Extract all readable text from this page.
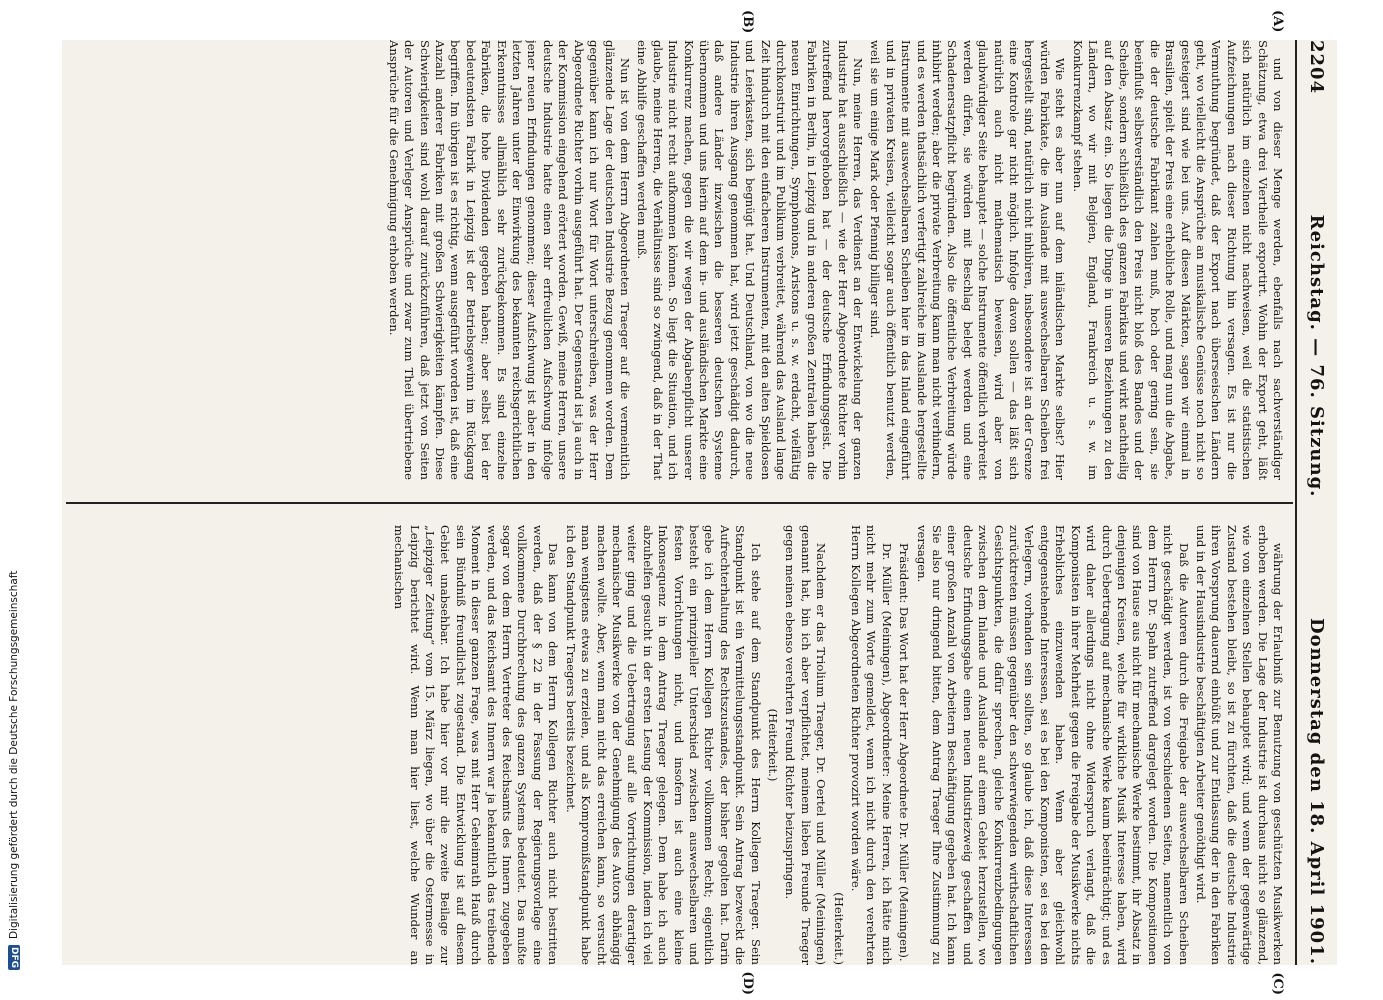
2204
Reichstag. — 76. Sitzung.
Donnerstag den 18. April 1901.
(A)
(B)
(C)
(D)

und von dieser Menge werden, ebenfalls nach sachverständiger Schätzung, etwa drei Viertheile exportirt. Wohin der Export geht, läßt sich natürlich im einzelnen nicht nachweisen, weil die statistischen Aufzeichnungen nach dieser Richtung hin versagen. Es ist nur die Vermuthung begründet, daß der Export nach überseeischen Ländern geht, wo vielleicht die Ansprüche an musikalische Genüsse noch nicht so gesteigert sind wie bei uns. Auf diesen Märkten, sagen wir einmal in Brasilien, spielt der Preis eine erhebliche Rolle, und mag nun die Abgabe, die der deutsche Fabrikant zahlen muß, hoch oder gering sein, sie beeinflußt selbstverständlich den Preis nicht bloß des Bandes und der Scheibe, sondern schließlich des ganzen Fabrikats und wirkt nachtheilig auf den Absatz ein. So liegen die Dinge in unseren Beziehungen zu den Ländern, wo wir mit Belgien, England, Frankreich u. s. w. im Konkurrenzkampf stehen.

Wie steht es aber nun auf dem inländischen Markte selbst? Hier würden Fabrikate, die im Auslande mit auswechselbaren Scheiben frei hergestellt sind, natürlich nicht inhibiren, insbesondere ist an der Grenze eine Kontrole gar nicht möglich. Infolge davon sollen — das läßt sich natürlich auch nicht mathematisch beweisen, wird aber von glaubwürdiger Seite behauptet — solche Instrumente öffentlich verbreitet werden dürfen, sie würden mit Beschlag belegt werden und eine Schadenersatzpflicht begründen. Also die öffentliche Verbreitung würde inhibirt werden; aber die private Verbreitung kann man nicht verhindern, und es werden thatsächlich verfertigt zahlreiche im Auslande hergestellte Instrumente mit auswechselbaren Scheiben hier in das Inland eingeführt und in privaten Kreisen, vielleicht sogar auch öffentlich benutzt werden, weil sie um einige Mark oder Pfennig billiger sind.

Nun, meine Herren, das Verdienst an der Entwickelung der ganzen Industrie hat ausschließlich — wie der Herr Abgeordnete Richter vorhin zutreffend hervorgehoben hat — der deutsche Erfindungsgeist. Die Fabriken in Berlin, in Leipzig und in anderen großen Zentralen haben die neuen Einrichtungen, Symphonions, Aristons u. s. w. erdacht, vielfältig durchkonstruirt und im Publikum verbreitet, während das Ausland lange Zeit hindurch mit den einfacheren Instrumenten, mit den alten Spieldosen und Leierkasten, sich begnügt hat. Und Deutschland, von wo die neue Industrie ihren Ausgang genommen hat, wird jetzt geschädigt dadurch, daß andere Länder inzwischen die besseren deutschen Systeme übernommen und uns hierin auf dem in- und ausländischen Markte eine Konkurrenz machen, gegen die wir wegen der Abgabenpflicht unserer Industrie nicht recht aufkommen können. So liegt die Situation, und ich glaube, meine Herren, die Verhältnisse sind so zwingend, daß in der That eine Abhilfe geschaffen werden muß.

Nun ist von dem Herrn Abgeordneten Traeger auf die vermeintlich glänzende Lage der deutschen Industrie Bezug genommen worden. Dem gegenüber kann ich nur Wort für Wort unterschreiben, was der Herr Abgeordnete Richter vorhin ausgeführt hat. Der Gegenstand ist ja auch in der Kommission eingehend erörtert worden. Gewiß, meine Herren, unsere deutsche Industrie hatte einen sehr erfreulichen Aufschwung infolge jener neuen Erfindungen genommen; dieser Aufschwung ist aber in den letzten Jahren unter der Einwirkung des bekannten reichsgerichtlichen Erkenntnisses allmählich sehr zurückgekommen. Es sind einzelne Fabriken, die hohe Dividenden gegeben haben; aber selbst bei der bedeutendsten Fabrik in Leipzig ist der Betriebsgewinn im Rückgang begriffen. Im übrigen ist es richtig, wenn ausgeführt worden ist, daß eine Anzahl anderer Fabriken mit großen Schwierigkeiten kämpfen. Diese Schwierigkeiten sind wohl darauf zurückzuführen, daß jetzt von Seiten der Autoren und Verleger Ansprüche und zwar zum Theil übertriebene Ansprüche für die Genehmigung erhoben werden.

währung der Erlaubniß zur Benutzung von geschützten Musikwerken erhoben werden. Die Lage der Industrie ist durchaus nicht so glänzend, wie von einzelnen Stellen behauptet wird; und wenn der gegenwärtige Zustand bestehen bleibt, so ist zu fürchten, daß die deutsche Industrie ihren Vorsprung dauernd einbüßt und zur Entlassung der in den Fabriken und in der Hausindustrie beschäftigten Arbeiter genöthigt wird.

Daß die Autoren durch die Freigabe der auswechselbaren Scheiben nicht geschädigt werden, ist von verschiedenen Seiten, namentlich von dem Herrn Dr. Spahn zutreffend dargelegt worden. Die Kompositionen sind von Hause aus nicht für mechanische Werke bestimmt, ihr Absatz in denjenigen Kreisen, welche für wirkliche Musik Interesse haben, wird durch Uebertragung auf mechanische Werke kaum beeinträchtigt; und es wird daher allerdings nicht ohne Widerspruch verlangt, daß die Komponisten in ihrer Mehrheit gegen die Freigabe der Musikwerke nichts Erhebliches einzuwenden haben. Wenn aber gleichwohl entgegenstehende Interessen, sei es bei den Komponisten, sei es bei den Verlegern, vorhanden sein sollten, so glaube ich, daß diese Interessen zurücktreten müssen gegenüber den schwerwiegenden wirthschaftlichen Gesichtspunkten, die dafür sprechen, gleiche Konkurrenzbedingungen zwischen dem Inlande und Auslande auf einem Gebiet herzustellen, wo deutsche Erfindungsgabe einen neuen Industriezweig geschaffen und einer großen Anzahl von Arbeitern Beschäftigung gegeben hat. Ich kann Sie also nur dringend bitten, dem Antrag Traeger Ihre Zustimmung zu versagen.

Präsident: Das Wort hat der Herr Abgeordnete Dr. Müller (Meiningen).

Dr. Müller (Meiningen), Abgeordneter: Meine Herren, ich hätte mich nicht mehr zum Worte gemeldet, wenn ich nicht durch den verehrten Herrn Kollegen Abgeordneten Richter provozirt worden wäre.

(Heiterkeit.)

Nachdem er das Triolium Traeger, Dr. Oertel und Müller (Meiningen) genannt hat, bin ich aber verpflichtet, meinem lieben Freunde Traeger gegen meinen ebenso verehrten Freund Richter beizuspringen.

(Heiterkeit.)

Ich stehe auf dem Standpunkt des Herrn Kollegen Traeger. Sein Standpunkt ist ein Vermittelungsstandpunkt. Sein Antrag bezweckt die Aufrechterhaltung des Rechtszustandes, der bisher gegolten hat. Darin gebe ich dem Herrn Kollegen Richter vollkommen Recht; eigentlich besteht ein prinzipieller Unterschied zwischen auswechselbaren und festen Vorrichtungen nicht, und insofern ist auch eine kleine Inkonsequenz in dem Antrag Traeger gelegen. Dem habe ich auch abzuhelfen gesucht in der ersten Lesung der Kommission, indem ich viel weiter ging und die Uebertragung auf alle Vorrichtungen derartiger mechanischer Musikwerke von der Genehmigung des Autors abhängig machen wollte. Aber, wenn man nicht das erreichen kann, so versucht man wenigstens etwas zu erzielen, und als Kompromißstandpunkt habe ich den Standpunkt Traegers bereits bezeichnet.

Das kann von dem Herrn Kollegen Richter auch nicht bestritten werden, daß der § 22 in der Fassung der Regierungsvorlage eine vollkommene Durchbrechung des ganzen Systems bedeutet. Das mußte sogar von dem Herrn Vertreter des Reichsamts des Innern zugegeben werden, und das Reichsamt des Innern war ja bekanntlich das treibende Moment in dieser ganzen Frage, was mit Herr Geheimrath Hauß durch sein Bündniß freundlichst zugestand. Die Entwicklung ist auf diesem Gebiet unabsehbar. Ich habe hier vor mir die zweite Beilage zur „Leipziger Zeitung“ vom 15. März liegen, wo über die Ostermesse in Leipzig berichtet wird. Wenn man hier liest, welche Wunder an mechanischen

DFG
Digitalisierung gefördert durch die Deutsche Forschungsgemeinschaft
